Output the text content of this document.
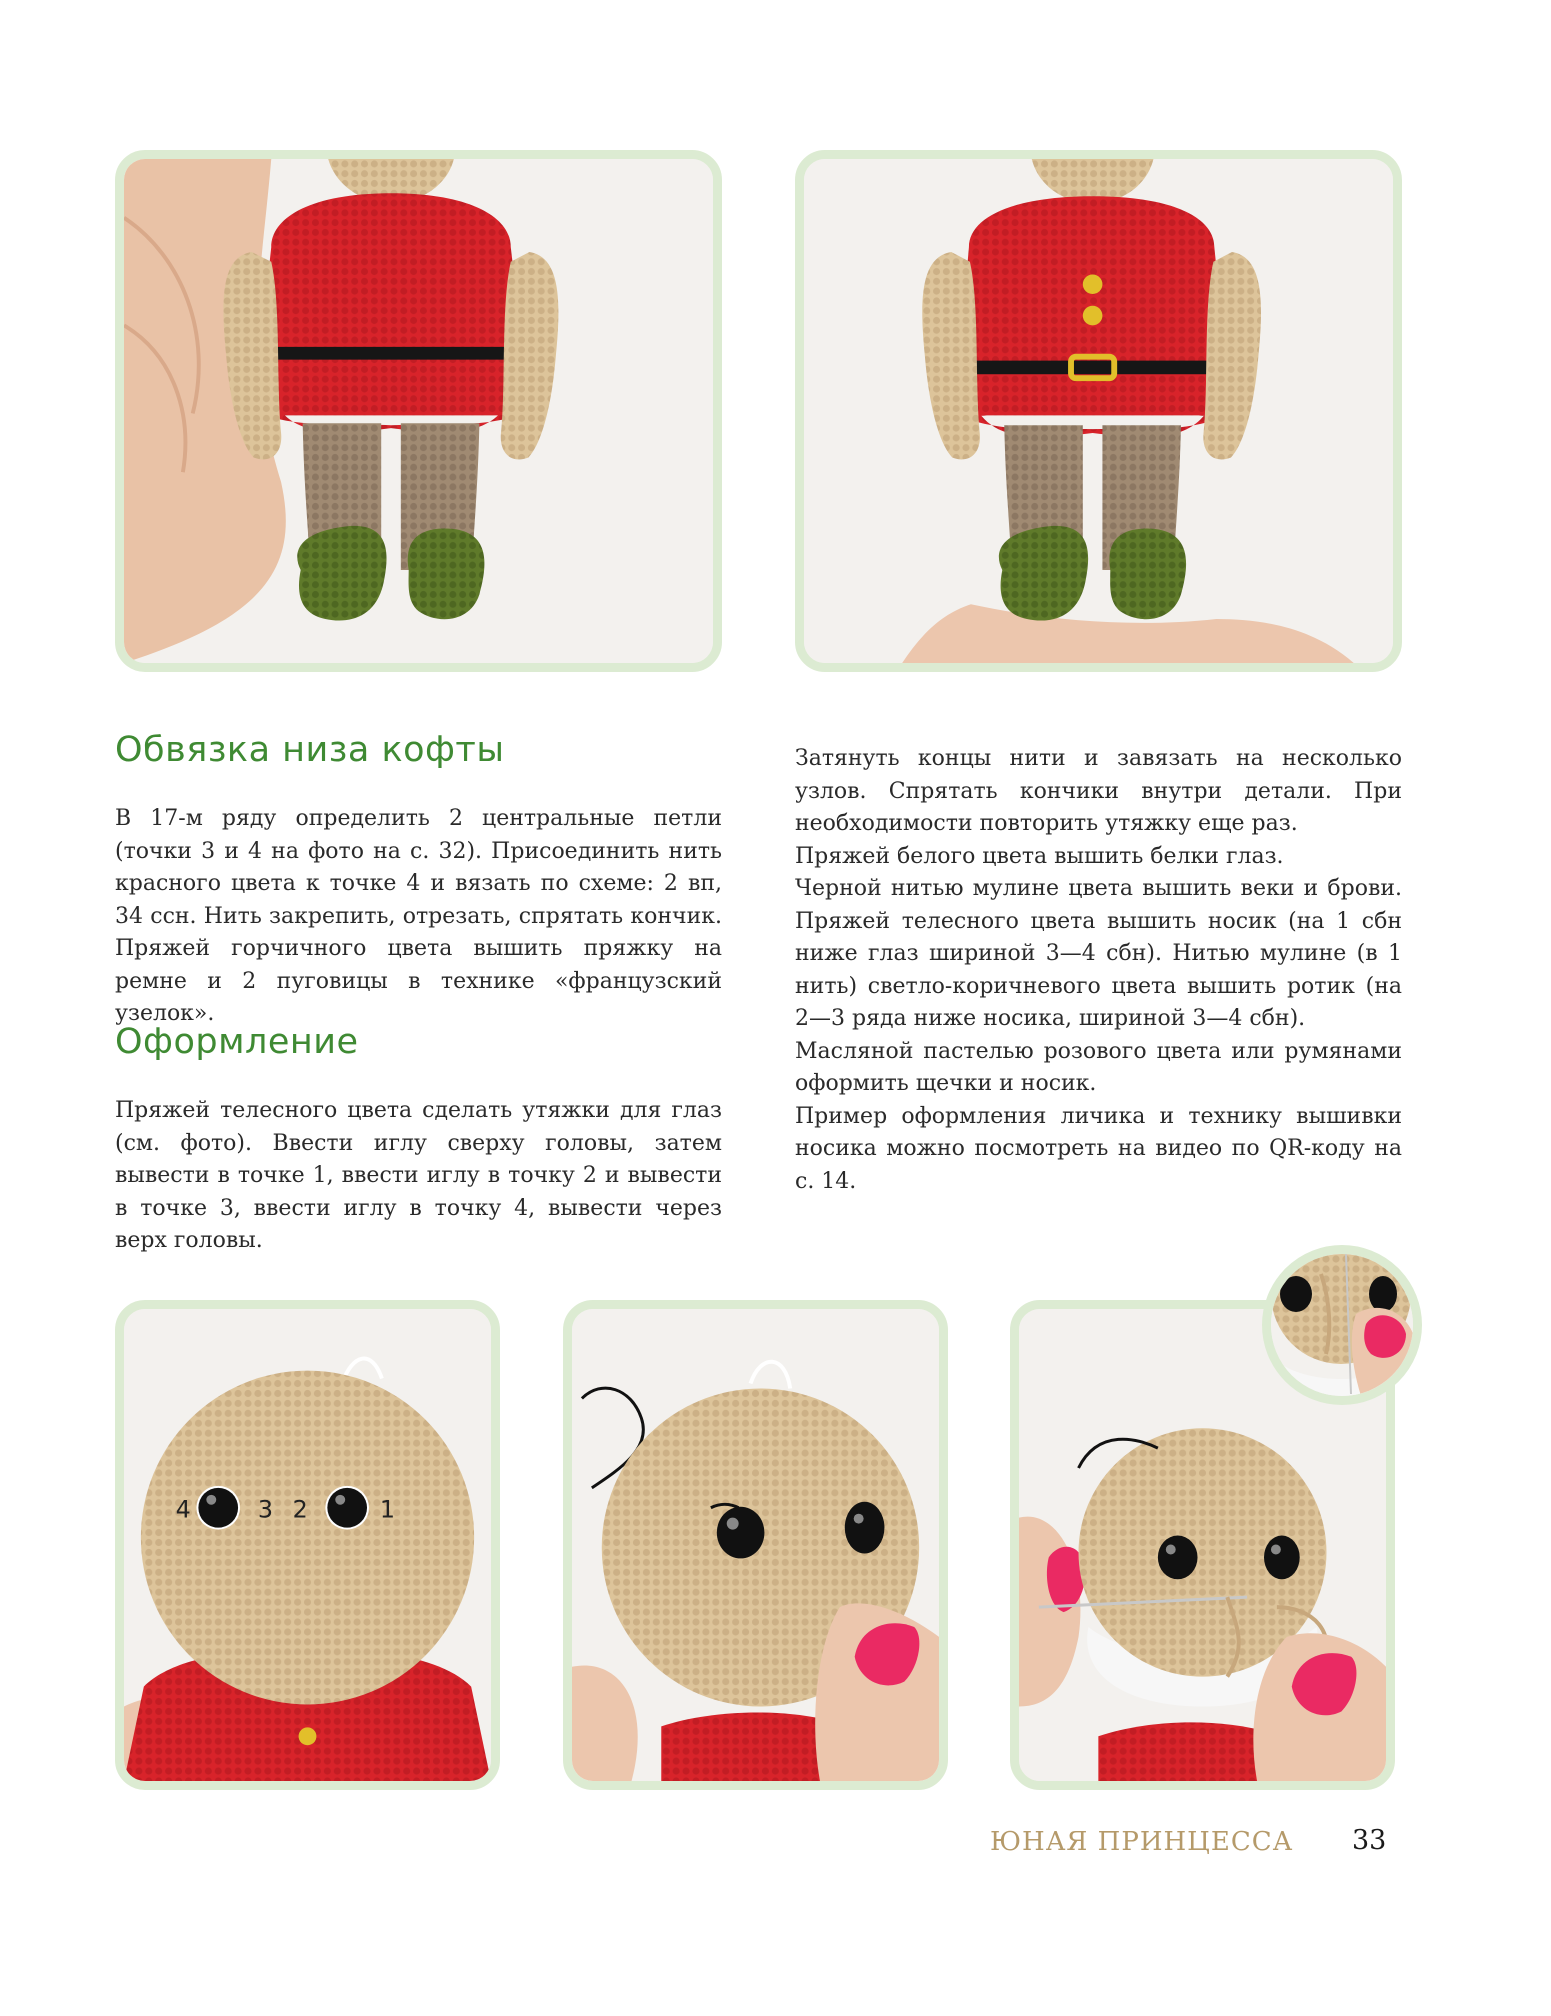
Обвязка низа кофты

В 17-м ряду определить 2 центральные петли (точки 3 и 4 на фото на с. 32). Присоединить нить красного цвета к точке 4 и вязать по схеме: 2 вп, 34 ссн. Нить закрепить, отрезать, спрятать кончик. Пряжей горчичного цвета вышить пряжку на ремне и 2 пуговицы в технике «французский узелок».

Оформление

Пряжей телесного цвета сделать утяжки для глаз (см. фото). Ввести иглу сверху головы, затем вывести в точке 1, ввести иглу в точку 2 и вывести в точке 3, ввести иглу в точку 4, вывести через верх головы.

Затянуть концы нити и завязать на несколько узлов. Спрятать кончики внутри детали. При необходимости повторить утяжку еще раз.
Пряжей белого цвета вышить белки глаз.
Черной нитью мулине цвета вышить веки и брови. Пряжей телесного цвета вышить носик (на 1 сбн ниже глаз шириной 3—4 сбн). Нитью мулине (в 1 нить) светло-коричневого цвета вышить ротик (на 2—3 ряда ниже носика, шириной 3—4 сбн).
Масляной пастелью розового цвета или румянами оформить щечки и носик.
Пример оформления личика и технику вышивки носика можно посмотреть на видео по QR-коду на с. 14.
4	3 2	1
ЮНАЯ ПРИНЦЕССА 33
